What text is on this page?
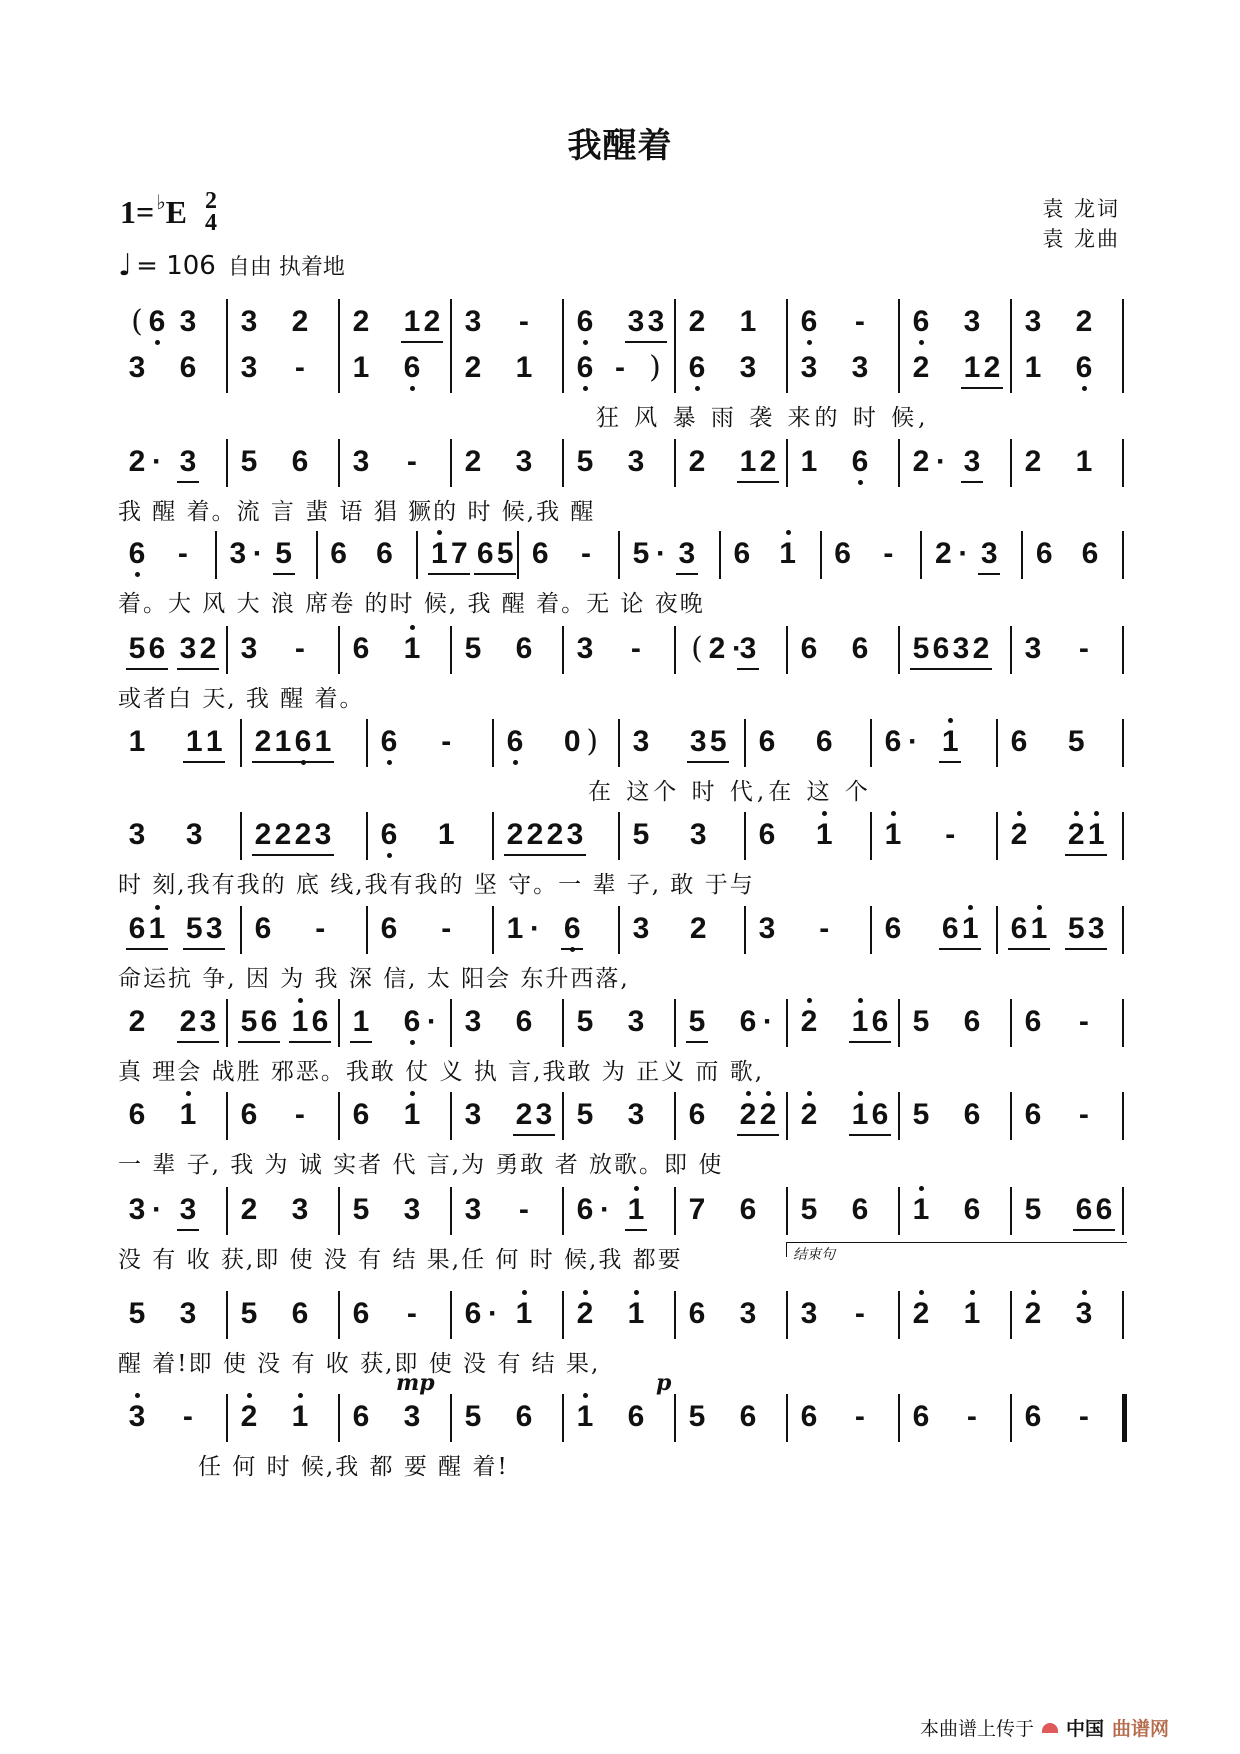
我醒着
1= ♭ E 2
4
♩ = 106 自由 执着地
袁 龙词
袁 龙曲
( 6 3 3 2 2 1 2 3 - 6 3 3 2 1 6 - 6 3 3 2
3 6 3 - 1 6 2 1 6 - ) 6 3 3 3 2 1 2 1 6
狂 风 暴 雨 袭 来的 时 候,
2 · 3 5 6 3 - 2 3 5 3 2 1 2 1 6 2 · 3 2 1
我 醒 着。流 言 蜚 语 猖 獗的 时 候,我 醒
6 - 3 · 5 6 6 1 7 6 5 6 - 5 · 3 6 1 6 - 2 · 3 6 6
着。大 风 大 浪 席卷 的时 候, 我 醒 着。无 论 夜晚
5 6 3 2 3 - 6 1 5 6 3 - ( 2 ·
3 6 6 5 6 3 2 3 -
或者白 天, 我 醒 着。
1 1 1 2 1 6 1 6 - 6 0 ) 3 3 5 6 6 6 · 1 6 5
在 这个 时 代,在 这 个
3 3 2 2 2 3 6 1 2 2 2 3 5 3 6 1 1 - 2 2 1
时 刻,我有我的 底 线,我有我的 坚 守。一 辈 子, 敢 于与
6 1 5 3 6 - 6 - 1 · 6 3 2 3 - 6 6 1 6 1 5 3
命运抗 争, 因 为 我 深 信, 太 阳会 东升西落,
2 2 3 5 6 1 6 1 6 · 3 6 5 3 5 6 · 2 1 6 5 6 6 -
真 理会 战胜 邪恶。我敢 仗 义 执 言,我敢 为 正义 而 歌,
6 1 6 - 6 1 3 2 3 5 3 6 2 2 2 1 6 5 6 6 -
一 辈 子, 我 为 诚 实者 代 言,为 勇敢 者 放歌。即 使
3 · 3 2 3 5 3 3 - 6 · 1 7 6 5 6 1 6 5 6 6
没 有 收 获,即 使 没 有 结 果,任 何 时 候,我 都要
5 3 5 6 6 - 6 · 1 2 1 6 3 3 - 2 1 2 3
醒 着!即 使 没 有 收 获,即 使 没 有 结 果,
3 - 2 1 6 3 5 6 1 6 5 6 6 - 6 - 6 -
任 何 时 候,我 都 要 醒 着!
结束句
mp	p
本曲谱上传于 中国 曲谱网
